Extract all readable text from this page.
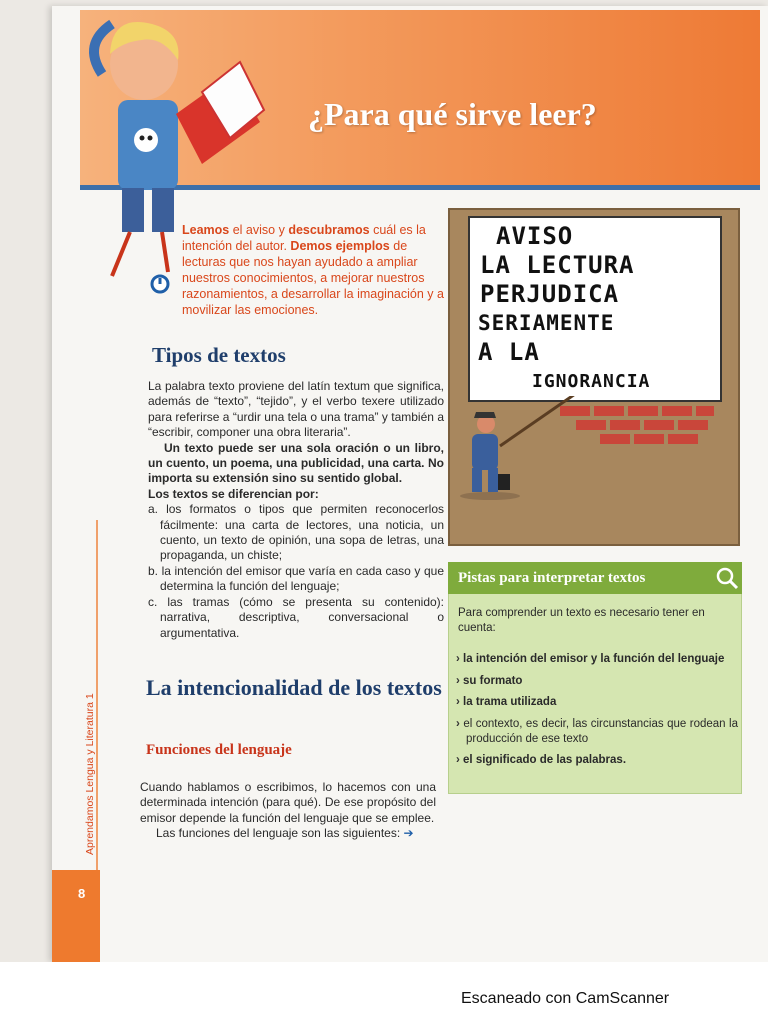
¿Para qué sirve leer?
Leamos el aviso y descubramos cuál es la intención del autor. Demos ejemplos de lecturas que nos hayan ayudado a ampliar nuestros conocimientos, a mejorar nuestros razonamientos, a desarrollar la imaginación y a movilizar las emociones.
Tipos de textos

La palabra texto proviene del latín textum que significa, además de “texto”, “tejido”, y el verbo texere utilizado para referirse a “urdir una tela o una trama” y también a “escribir, componer una obra literaria”.

Un texto puede ser una sola oración o un libro, un cuento, un poema, una publicidad, una carta. No importa su extensión sino su sentido global.

Los textos se diferencian por:

a. los formatos o tipos que permiten reconocerlos fácilmente: una carta de lectores, una noticia, un cuento, un texto de opinión, una sopa de letras, una propaganda, un chiste;

b. la intención del emisor que varía en cada caso y que determina la función del lenguaje;

c. las tramas (cómo se presenta su contenido): narrativa, descriptiva, conversacional o argumentativa.

La intencionalidad de los textos
Funciones del lenguaje

Cuando hablamos o escribimos, lo hacemos con una determinada intención (para qué). De ese propósito del emisor depende la función del lenguaje que se emplee.

Las funciones del lenguaje son las siguientes: ➔

Aprendamos Lengua y Literatura 1
8
AVISO
LA LECTURA
PERJUDICA
SERIAMENTE
A LA
IGNORANCIA
Pistas para interpretar textos
Para comprender un texto es necesario tener en cuenta:
› la intención del emisor y la función del lenguaje
› su formato
› la trama utilizada
› el contexto, es decir, las circunstancias que rodean la producción de ese texto
› el significado de las palabras.
Escaneado con CamScanner
